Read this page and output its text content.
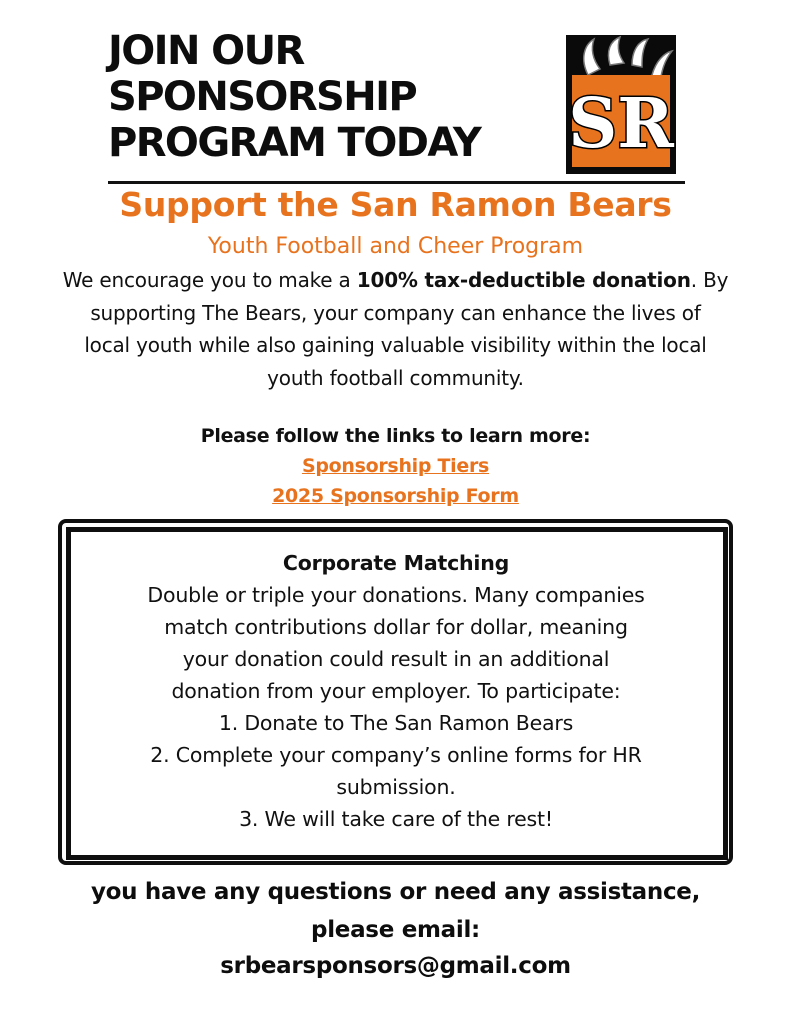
JOIN OUR
SPONSORSHIP
PROGRAM TODAY	SR
Support the San Ramon Bears
Youth Football and Cheer Program
We encourage you to make a 100% tax-deductible donation. By
supporting The Bears, your company can enhance the lives of
local youth while also gaining valuable visibility within the local
youth football community.
Please follow the links to learn more:
Sponsorship Tiers
2025 Sponsorship Form
Corporate Matching
Double or triple your donations. Many companies
match contributions dollar for dollar, meaning
your donation could result in an additional
donation from your employer. To participate:
1. Donate to The San Ramon Bears
2. Complete your company’s online forms for HR
submission.
3. We will take care of the rest!
you have any questions or need any assistance,
please email:
srbearsponsors@gmail.com
